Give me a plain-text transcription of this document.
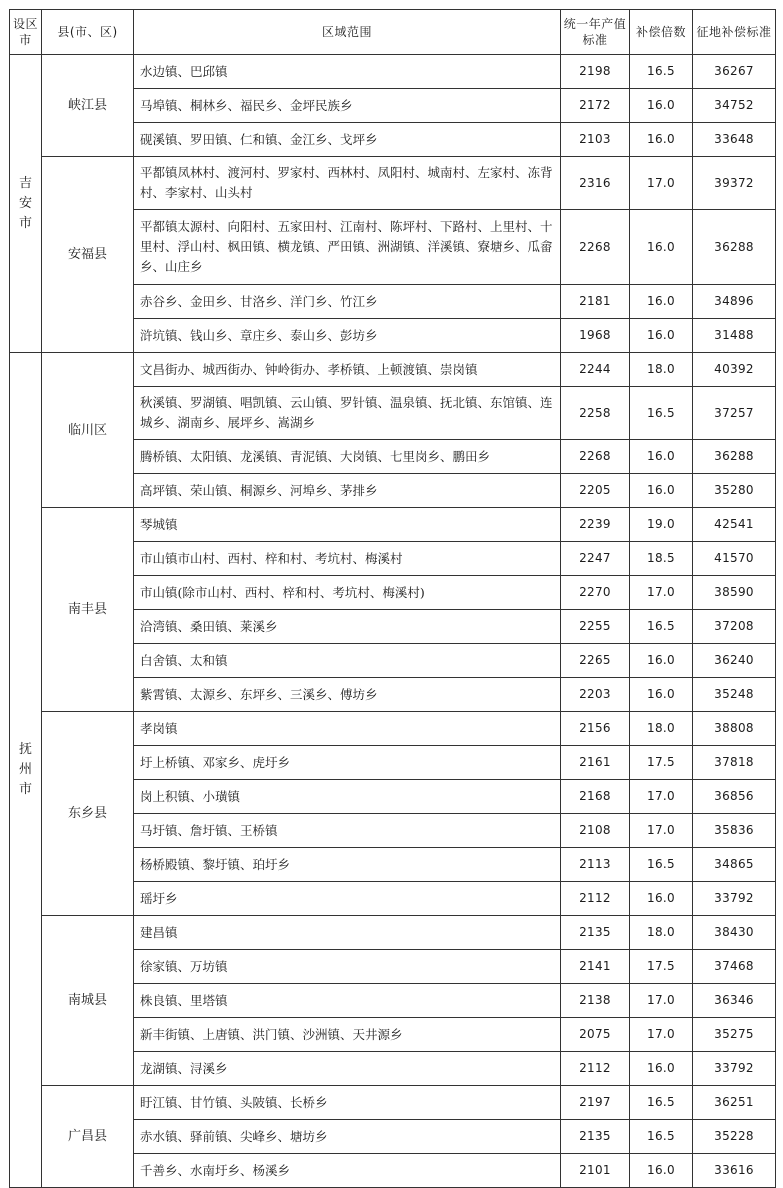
设区市	县(市、区)	区域范围	统一年产值标准	补偿倍数	征地补偿标准
吉安市	峡江县	水边镇、巴邱镇	2198	16.5	36267
		马埠镇、桐林乡、福民乡、金坪民族乡	2172	16.0	34752
		砚溪镇、罗田镇、仁和镇、金江乡、戈坪乡	2103	16.0	33648
	安福县	平都镇凤林村、渡河村、罗家村、西林村、凤阳村、城南村、左家村、冻背村、李家村、山头村	2316	17.0	39372
		平都镇太源村、向阳村、五家田村、江南村、陈坪村、下路村、上里村、十里村、浮山村、枫田镇、横龙镇、严田镇、洲湖镇、洋溪镇、寮塘乡、瓜畲乡、山庄乡	2268	16.0	36288
		赤谷乡、金田乡、甘洛乡、洋门乡、竹江乡	2181	16.0	34896
		浒坑镇、钱山乡、章庄乡、泰山乡、彭坊乡	1968	16.0	31488
抚州市	临川区	文昌街办、城西街办、钟岭街办、孝桥镇、上顿渡镇、崇岗镇	2244	18.0	40392
		秋溪镇、罗湖镇、唱凯镇、云山镇、罗针镇、温泉镇、抚北镇、东馆镇、连城乡、湖南乡、展坪乡、嵩湖乡	2258	16.5	37257
		腾桥镇、太阳镇、龙溪镇、青泥镇、大岗镇、七里岗乡、鹏田乡	2268	16.0	36288
		高坪镇、荣山镇、桐源乡、河埠乡、茅排乡	2205	16.0	35280
	南丰县	琴城镇	2239	19.0	42541
		市山镇市山村、西村、梓和村、考坑村、梅溪村	2247	18.5	41570
		市山镇(除市山村、西村、梓和村、考坑村、梅溪村)	2270	17.0	38590
		洽湾镇、桑田镇、莱溪乡	2255	16.5	37208
		白舍镇、太和镇	2265	16.0	36240
		紫霄镇、太源乡、东坪乡、三溪乡、傅坊乡	2203	16.0	35248
	东乡县	孝岗镇	2156	18.0	38808
		圩上桥镇、邓家乡、虎圩乡	2161	17.5	37818
		岗上积镇、小璜镇	2168	17.0	36856
		马圩镇、詹圩镇、王桥镇	2108	17.0	35836
		杨桥殿镇、黎圩镇、珀圩乡	2113	16.5	34865
		瑶圩乡	2112	16.0	33792
	南城县	建昌镇	2135	18.0	38430
		徐家镇、万坊镇	2141	17.5	37468
		株良镇、里塔镇	2138	17.0	36346
		新丰街镇、上唐镇、洪门镇、沙洲镇、天井源乡	2075	17.0	35275
		龙湖镇、浔溪乡	2112	16.0	33792
	广昌县	盱江镇、甘竹镇、头陂镇、长桥乡	2197	16.5	36251
		赤水镇、驿前镇、尖峰乡、塘坊乡	2135	16.5	35228
		千善乡、水南圩乡、杨溪乡	2101	16.0	33616
